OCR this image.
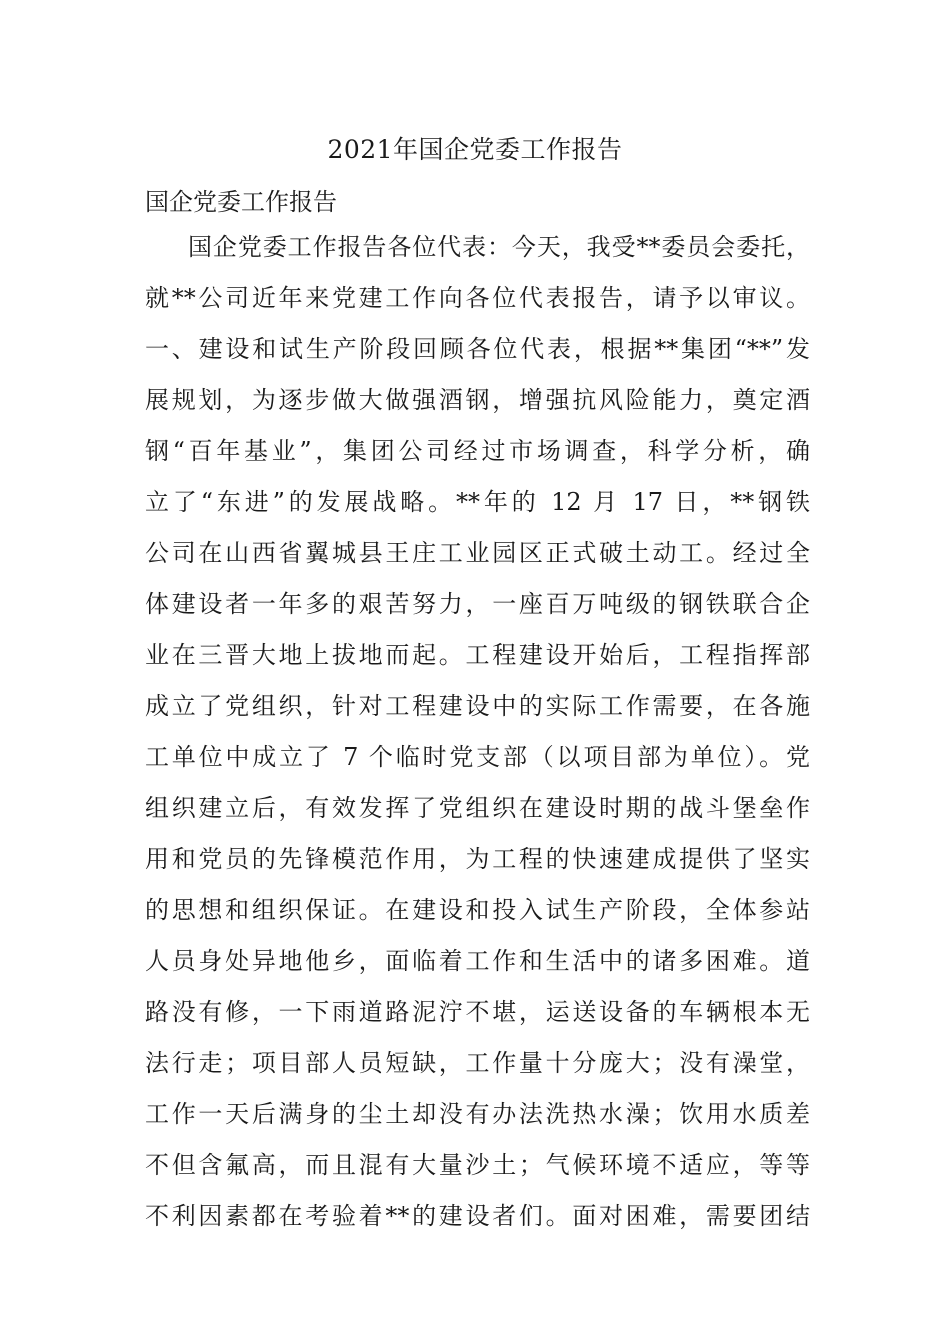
2021年国企党委工作报告
国企党委工作报告
国企党委工作报告各位代表：今天，我受**委员会委托，
就**公司近年来党建工作向各位代表报告，请予以审议。
一、建设和试生产阶段回顾各位代表，根据**集团“**”发
展规划，为逐步做大做强酒钢，增强抗风险能力，奠定酒
钢“百年基业”，集团公司经过市场调查，科学分析，确
立了“东进”的发展战略。**年的 12 月 17 日，**钢铁
公司在山西省翼城县王庄工业园区正式破土动工。经过全
体建设者一年多的艰苦努力，一座百万吨级的钢铁联合企
业在三晋大地上拔地而起。工程建设开始后，工程指挥部
成立了党组织，针对工程建设中的实际工作需要，在各施
工单位中成立了 7 个临时党支部（以项目部为单位）。党
组织建立后，有效发挥了党组织在建设时期的战斗堡垒作
用和党员的先锋模范作用，为工程的快速建成提供了坚实
的思想和组织保证。在建设和投入试生产阶段，全体参站
人员身处异地他乡，面临着工作和生活中的诸多困难。道
路没有修，一下雨道路泥泞不堪，运送设备的车辆根本无
法行走；项目部人员短缺，工作量十分庞大；没有澡堂，
工作一天后满身的尘土却没有办法洗热水澡；饮用水质差
不但含氟高，而且混有大量沙土；气候环境不适应，等等
不利因素都在考验着**的建设者们。面对困难，需要团结
